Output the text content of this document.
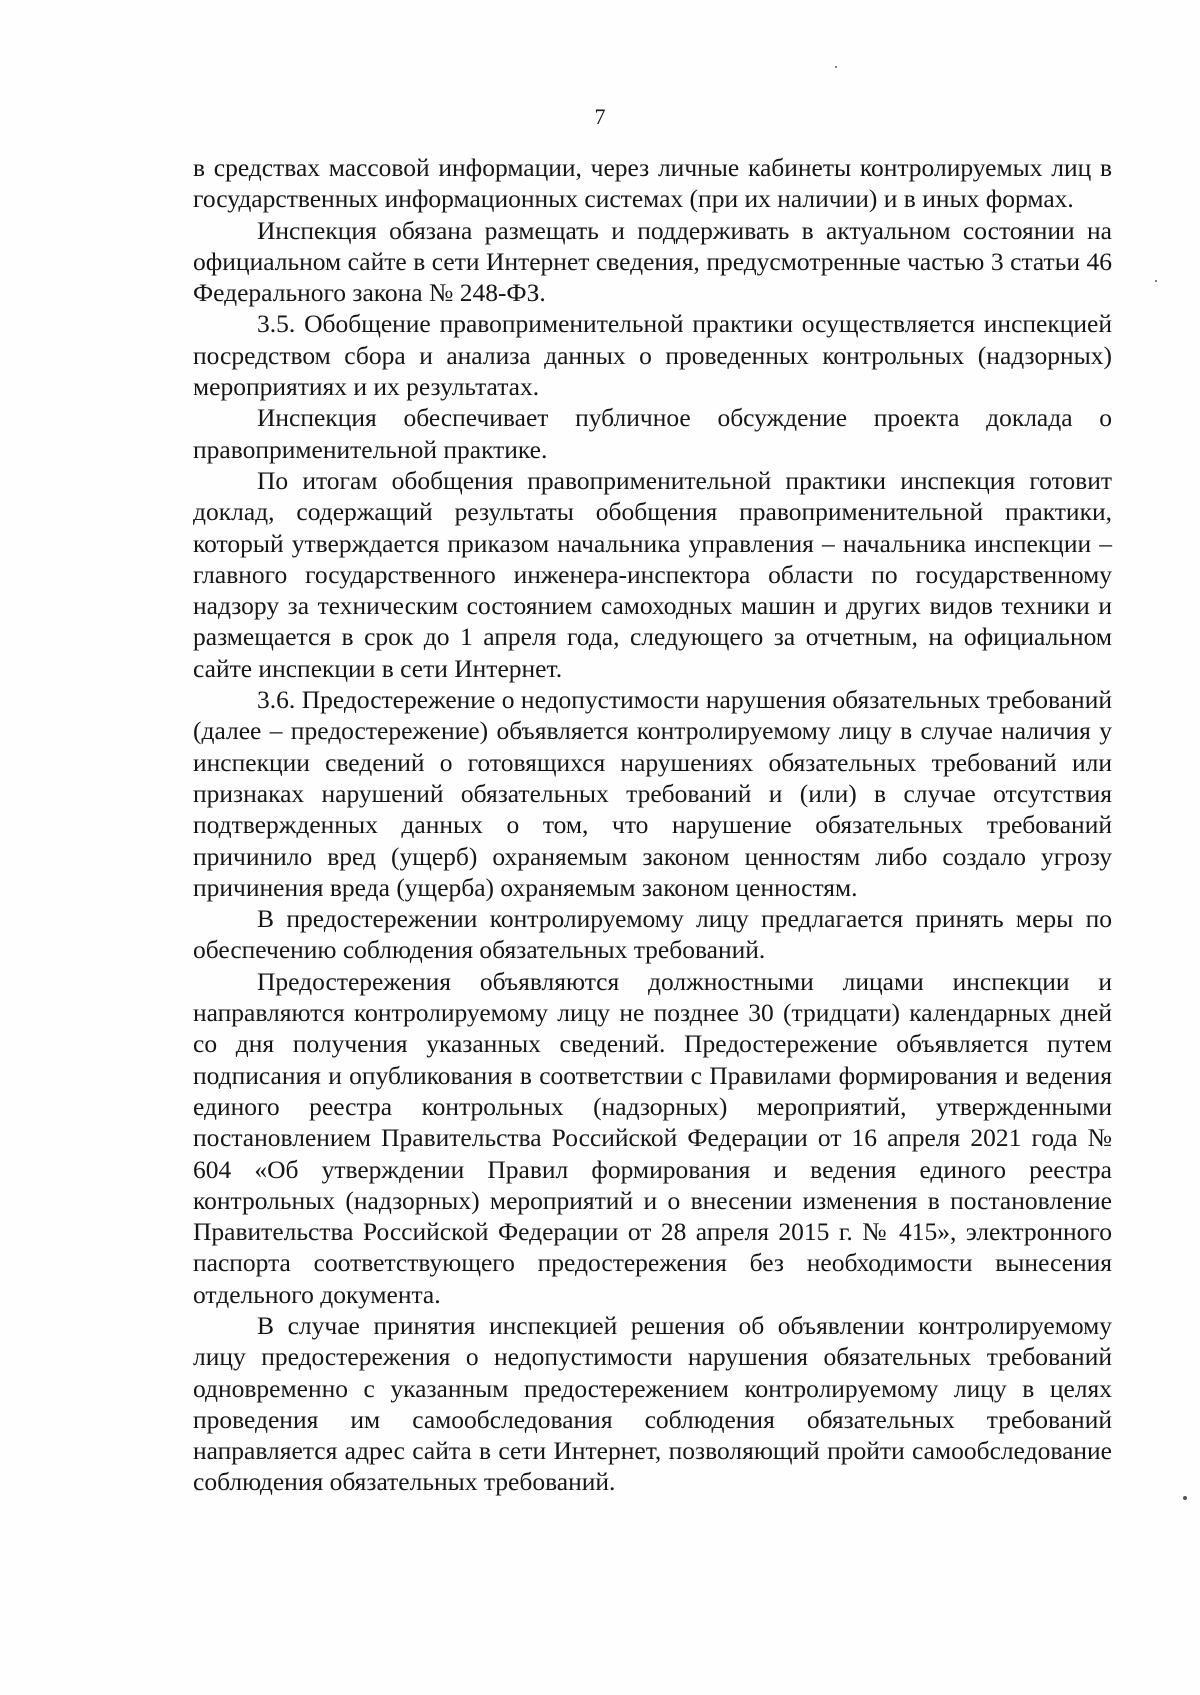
7

в средствах массовой информации, через личные кабинеты контролируемых лиц в государственных информационных системах (при их наличии) и в иных формах.

Инспекция обязана размещать и поддерживать в актуальном состоянии на официальном сайте в сети Интернет сведения, предусмотренные частью 3 статьи 46 Федерального закона № 248-ФЗ.

3.5. Обобщение правоприменительной практики осуществляется инспекцией посредством сбора и анализа данных о проведенных контрольных (надзорных) мероприятиях и их результатах.

Инспекция обеспечивает публичное обсуждение проекта доклада о правоприменительной практике.

По итогам обобщения правоприменительной практики инспекция готовит доклад, содержащий результаты обобщения правоприменительной практики, который утверждается приказом начальника управления – начальника инспекции – главного государственного инженера-инспектора области по государственному надзору за техническим состоянием самоходных машин и других видов техники и размещается в срок до 1 апреля года, следующего за отчетным, на официальном сайте инспекции в сети Интернет.

3.6. Предостережение о недопустимости нарушения обязательных требований (далее – предостережение) объявляется контролируемому лицу в случае наличия у инспекции сведений о готовящихся нарушениях обязательных требований или признаках нарушений обязательных требований и (или) в случае отсутствия подтвержденных данных о том, что нарушение обязательных требований причинило вред (ущерб) охраняемым законом ценностям либо создало угрозу причинения вреда (ущерба) охраняемым законом ценностям.

В предостережении контролируемому лицу предлагается принять меры по обеспечению соблюдения обязательных требований.

Предостережения объявляются должностными лицами инспекции и направляются контролируемому лицу не позднее 30 (тридцати) календарных дней со дня получения указанных сведений. Предостережение объявляется путем подписания и опубликования в соответствии с Правилами формирования и ведения единого реестра контрольных (надзорных) мероприятий, утвержденными постановлением Правительства Российской Федерации от 16 апреля 2021 года № 604 «Об утверждении Правил формирования и ведения единого реестра контрольных (надзорных) мероприятий и о внесении изменения в постановление Правительства Российской Федерации от 28 апреля 2015 г. № 415», электронного паспорта соответствующего предостережения без необходимости вынесения отдельного документа.

В случае принятия инспекцией решения об объявлении контролируемому лицу предостережения о недопустимости нарушения обязательных требований одновременно с указанным предостережением контролируемому лицу в целях проведения им самообследования соблюдения обязательных требований направляется адрес сайта в сети Интернет, позволяющий пройти самообследование соблюдения обязательных требований.
